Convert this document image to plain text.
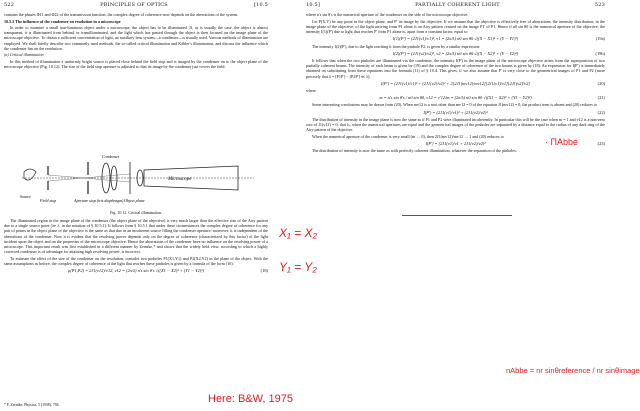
522	PRINCIPLES OF OPTICS	[10.5

contains the phases Φ11 and Φ22 of the transmission function, the complex degree of coherence now depends on the aberrations of the system.

10.5.2 The influence of the condenser on resolution in a microscope

In order to examine a small non-luminous object under a microscope, the object has to be illuminated. If, as is usually the case, the object is almost transparent, it is illuminated from behind, or transilluminated, and the light which has passed through the object is then focused on the image plane of the microscope objective. To obtain a sufficient concentration of light, an auxiliary lens system—a condenser—is usually used. Various methods of illumination are employed. We shall briefly describe two commonly used methods, the so-called critical illumination and Köhler's illumination, and discuss the influence which the condenser has on the resolution.

(a) Critical illumination

In this method of illumination a uniformly bright source is placed close behind the field stop and is imaged by the condenser on to the object plane of the microscope objective (Fig. 10.12). The size of the field stop aperture is adjusted so that its image by the condenser just covers the field.

Microscope
Source
Field stop	Aperture stop (iris diaphragm)
Condenser
Object plane
Fig. 10.12. Critical illumination.

The illuminated region in the image plane of the condenser (the object plane of the objective) is very much larger than the effective size of the Airy pattern due to a single source point (≫ λ, in the notation of § 10.5.1). It follows from § 10.5.1 that under these circumstances the complex degree of coherence for any pair of points in the object plane of the objective is the same as that due to an incoherent source filling the condenser aperture; moreover, it is independent of the aberrations of the condenser. Now it is evident that the resolving power depends only on the degree of coherence (characterized by this factor) of the light incident upon the object and on the properties of the microscope objective. Hence the aberrations of the condenser have no influence on the resolving power of a microscope. This important result was first established in a different manner by Zernike,* and shows that the widely held view, according to which a highly corrected condenser is of advantage for attaining high resolving power, is incorrect.

To estimate the effect of the size of the condenser on the resolution, consider two pinholes P1(X1,Y1) and P2(X2,Y2) in the plane of the object. With the same assumptions as before, the complex degree of coherence of the light that reaches these pinholes is given by a formula of the form (16):

μ(P1,P2) = 2J1(v12)/v12, v12 = (2π/λ) n's sin θ's √((X1 − X2)² + (Y1 − Y2)²)	(18)
* F. Zernike, Physica, 5 (1938), 794.
10.5]	PARTIALLY COHERENT LIGHT	523

where n's sin θ's is the numerical aperture of the condenser on the side of the microscope objective.

Let P(X,Y) be any point in the object plane, and P' its image by the objective. If we assume that the objective is effectively free of aberrations, the intensity distribution, in the image plane of the objective, of the light arriving from P1 alone is an Airy pattern centred on the image P1' of P1. Hence if n0 sin θ0 is the numerical aperture of the objective, the intensity I(1)(P') due to light that reaches P' from P1 alone is, apart from a constant factor, equal to

I(1)(P') = (2J1(v1)/v1)², v1 = (2π/λ) n0 sin θ0 √((X − X1)² + (Y − Y1)²)	(19a)

The intensity I(2)(P'), due to the light reaching it from the pinhole P2, is given by a similar expression:

I(2)(P') = (2J1(v2)/v2)², v2 = (2π/λ) n0 sin θ0 √((X − X2)² + (Y − Y2)²)	(19b)

It follows that when the two pinholes are illuminated via the condenser, the intensity I(P') in the image plane of the microscope objective arises from the superposition of two partially coherent beams. The intensity of each beam is given by (19) and the complex degree of coherence of the two beams is given by (18). An expression for I(P') is immediately obtained on substituting from these equations into the formula (11) of § 10.4. This gives, if we also assume that P' is very close to the geometrical images of P1 and P2 (more precisely that δ = [P1P'] − [P2P'] ≪ λ),

I(P') = (2J1(v1)/v1)² + (2J1(v2)/v2)² + 2[2J1(mv12)/mv12][2J1(v1)/v1][2J1(v2)/v2]	(20)

where

m = n's sin θ's / n0 sin θ0, v12 = v'12/m = (2π/λ) n0 sin θ0 √((X1 − X2)² + (Y1 − Y2)²)	(21)

Some interesting conclusions may be drawn from (20). When mv12 is a root other than mv12 = 0 of the equation J1(mv12) = 0, the product term is absent and (20) reduces to

I(P') = (2J1(v1)/v1)² + (2J1(v2)/v2)²	(22)

The distribution of intensity in the image plane is now the same as if P1 and P2 were illuminated incoherently. In particular this will be the case when m = 1 and v12 is a non-zero root of J1(v12) = 0; that is, when the numerical apertures are equal and the geometrical images of the pinholes are separated by a distance equal to the radius of any dark ring of the Airy pattern of the objective.

When the numerical aperture of the condenser is very small (m → 0), then 2J1(mv12)/mv12 → 1 and (20) reduces to

I(P') = (2J1(v1)/v1 + 2J1(v2)/v2)²	(23)

The distribution of intensity is now the same as with perfectly coherent illumination, whatever the separation of the pinholes.

X₁ = X₂
Y₁ = Y₂
Here: B&W, 1975
· ΠAbbe
nAbbe = nr sinθreference / nr sinθimage
